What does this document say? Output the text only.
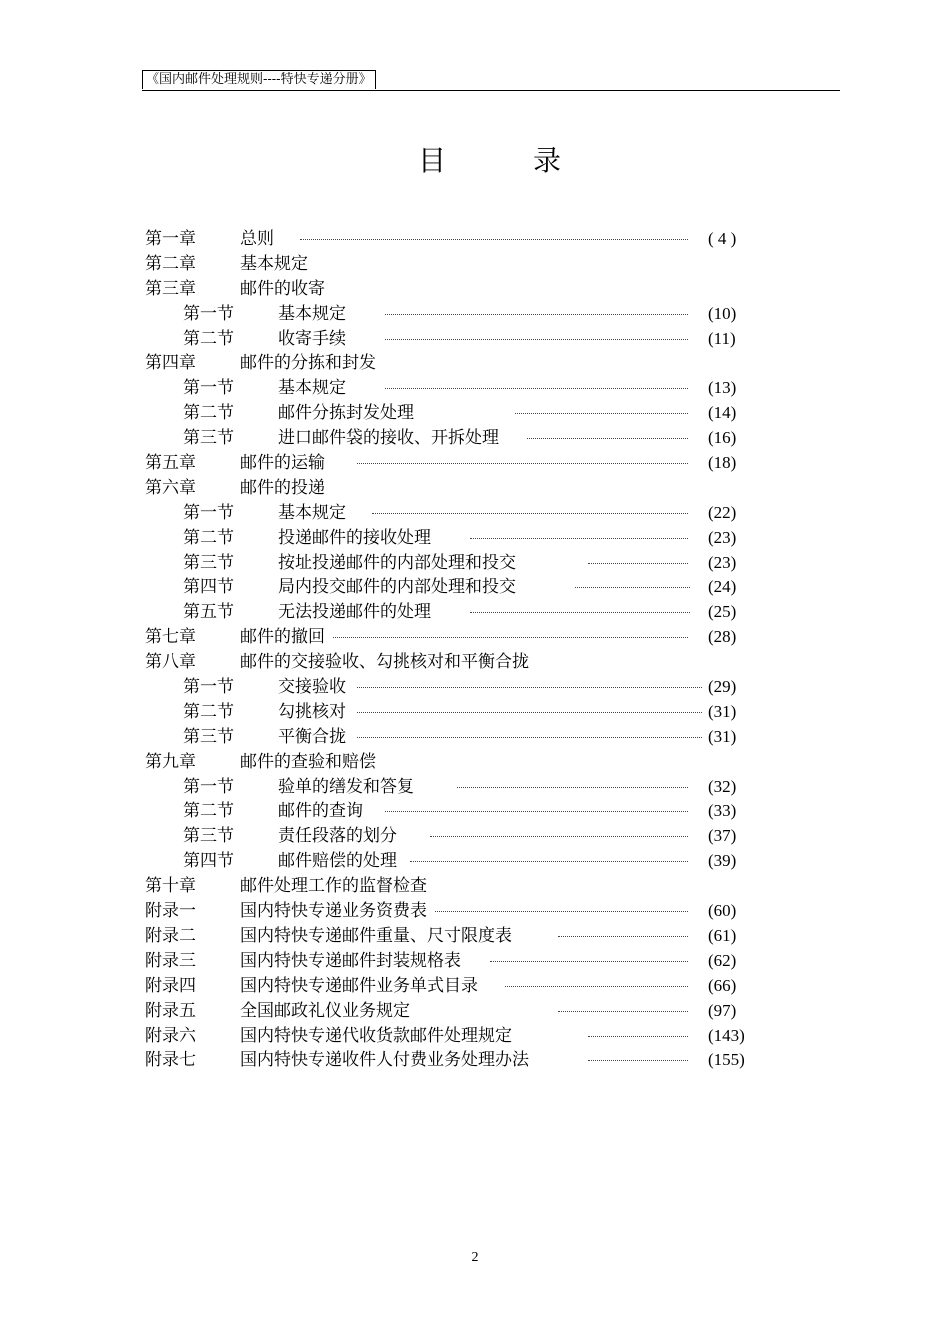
《国内邮件处理规则----特快专递分册》
目	录
第一章	总则	( 4 )
第二章	基本规定
第三章	邮件的收寄
第一节	基本规定	(10)
第二节	收寄手续	(11)
第四章	邮件的分拣和封发
第一节	基本规定	(13)
第二节	邮件分拣封发处理	(14)
第三节	进口邮件袋的接收、开拆处理	(16)
第五章	邮件的运输	(18)
第六章	邮件的投递
第一节	基本规定	(22)
第二节	投递邮件的接收处理	(23)
第三节	按址投递邮件的内部处理和投交	(23)
第四节	局内投交邮件的内部处理和投交	(24)
第五节	无法投递邮件的处理	(25)
第七章	邮件的撤回	(28)
第八章	邮件的交接验收、勾挑核对和平衡合拢
第一节	交接验收	(29)
第二节	勾挑核对	(31)
第三节	平衡合拢	(31)
第九章	邮件的查验和赔偿
第一节	验单的缮发和答复	(32)
第二节	邮件的查询	(33)
第三节	责任段落的划分	(37)
第四节	邮件赔偿的处理	(39)
第十章	邮件处理工作的监督检查
附录一	国内特快专递业务资费表	(60)
附录二	国内特快专递邮件重量、尺寸限度表	(61)
附录三	国内特快专递邮件封装规格表	(62)
附录四	国内特快专递邮件业务单式目录	(66)
附录五	全国邮政礼仪业务规定	(97)
附录六	国内特快专递代收货款邮件处理规定	(143)
附录七	国内特快专递收件人付费业务处理办法	(155)
2
